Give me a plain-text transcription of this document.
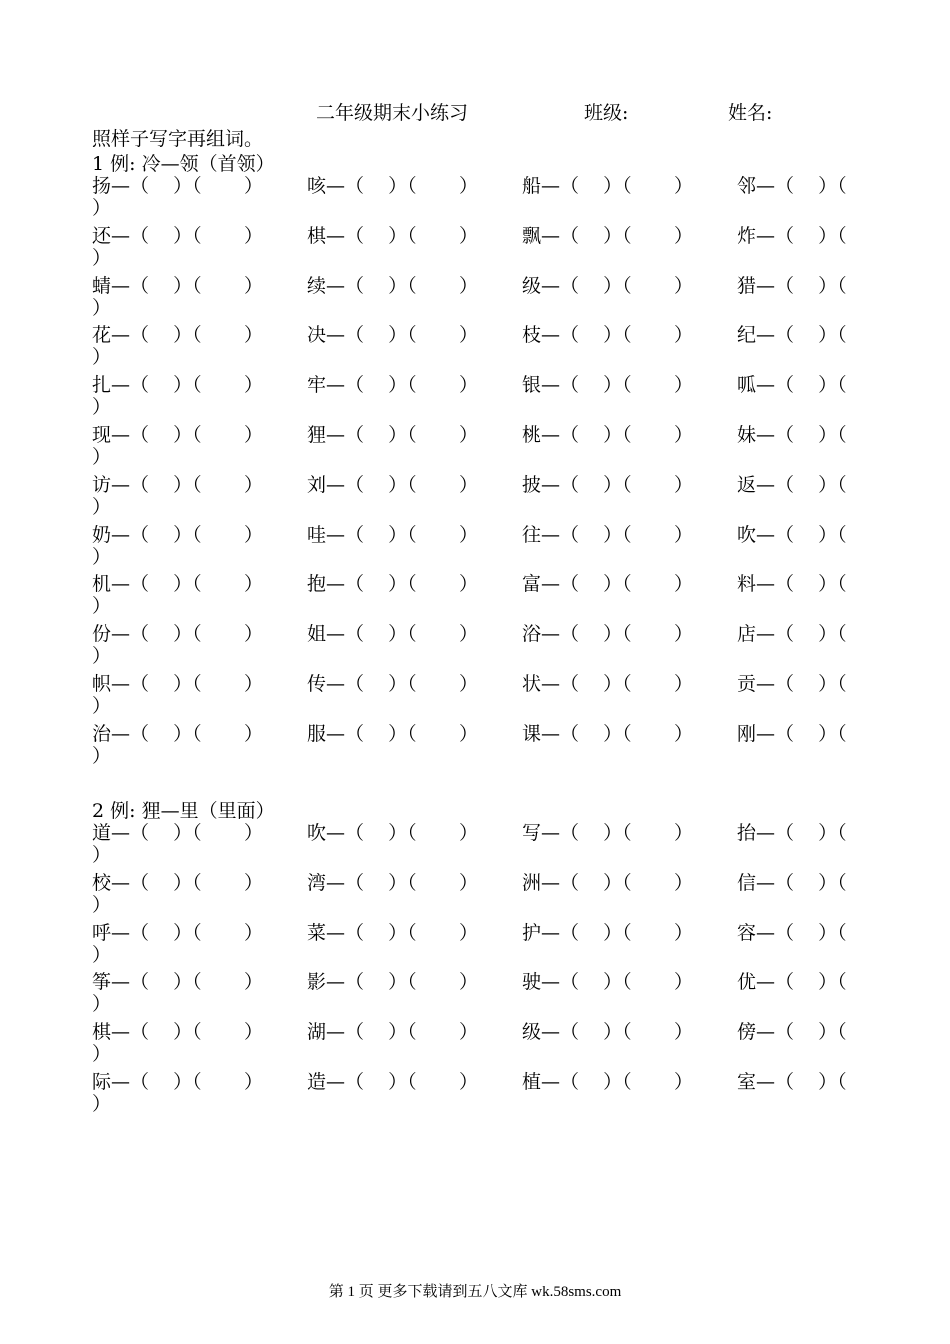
二年级期末小练习	班级:	姓名:
照样子写字再组词。
1 例: 冷—领（首领）
扬—（    ）（       ） 咳—（    ）（       ） 船—（    ）（       ） 邻—（    ）（
）
还—（    ）（       ） 棋—（    ）（       ） 飘—（    ）（       ） 炸—（    ）（
）
蜻—（    ）（       ） 续—（    ）（       ） 级—（    ）（       ） 猎—（    ）（
）
花—（    ）（       ） 决—（    ）（       ） 枝—（    ）（       ） 纪—（    ）（
）
扎—（    ）（       ） 牢—（    ）（       ） 银—（    ）（       ） 呱—（    ）（
）
现—（    ）（       ） 狸—（    ）（       ） 桃—（    ）（       ） 妹—（    ）（
）
访—（    ）（       ） 刘—（    ）（       ） 披—（    ）（       ） 返—（    ）（
）
奶—（    ）（       ） 哇—（    ）（       ） 往—（    ）（       ） 吹—（    ）（
）
机—（    ）（       ） 抱—（    ）（       ） 富—（    ）（       ） 料—（    ）（
）
份—（    ）（       ） 姐—（    ）（       ） 浴—（    ）（       ） 店—（    ）（
）
帜—（    ）（       ） 传—（    ）（       ） 状—（    ）（       ） 贡—（    ）（
）
治—（    ）（       ） 服—（    ）（       ） 课—（    ）（       ） 刚—（    ）（
）
2 例: 狸—里（里面）
道—（    ）（       ） 吹—（    ）（       ） 写—（    ）（       ） 抬—（    ）（
）
校—（    ）（       ） 湾—（    ）（       ） 洲—（    ）（       ） 信—（    ）（
）
呼—（    ）（       ） 菜—（    ）（       ） 护—（    ）（       ） 容—（    ）（
）
筝—（    ）（       ） 影—（    ）（       ） 驶—（    ）（       ） 优—（    ）（
）
棋—（    ）（       ） 湖—（    ）（       ） 级—（    ）（       ） 傍—（    ）（
）
际—（    ）（       ） 造—（    ）（       ） 植—（    ）（       ） 室—（    ）（
）
第 1 页 更多下载请到五八文库 wk.58sms.com
